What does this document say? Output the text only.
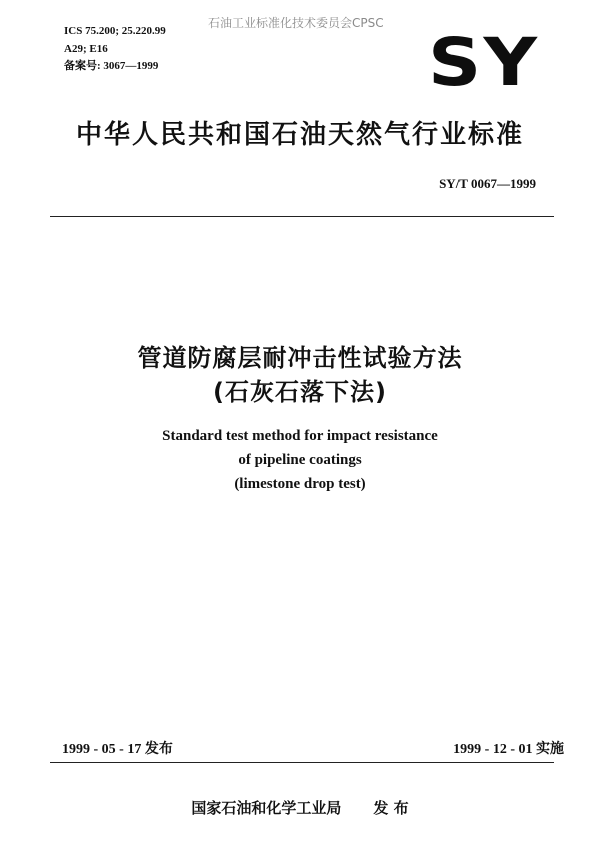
ICS 75.200; 25.220.99
A29; E16
备案号: 3067—1999
石油工业标准化技术委员会CPSC
SY
中华人民共和国石油天然气行业标准
SY/T 0067—1999
管道防腐层耐冲击性试验方法
(石灰石落下法)
Standard test method for impact resistance
of pipeline coatings
(limestone drop test)
1999 - 05 - 17 发布	1999 - 12 - 01 实施
国家石油和化学工业局 发 布
